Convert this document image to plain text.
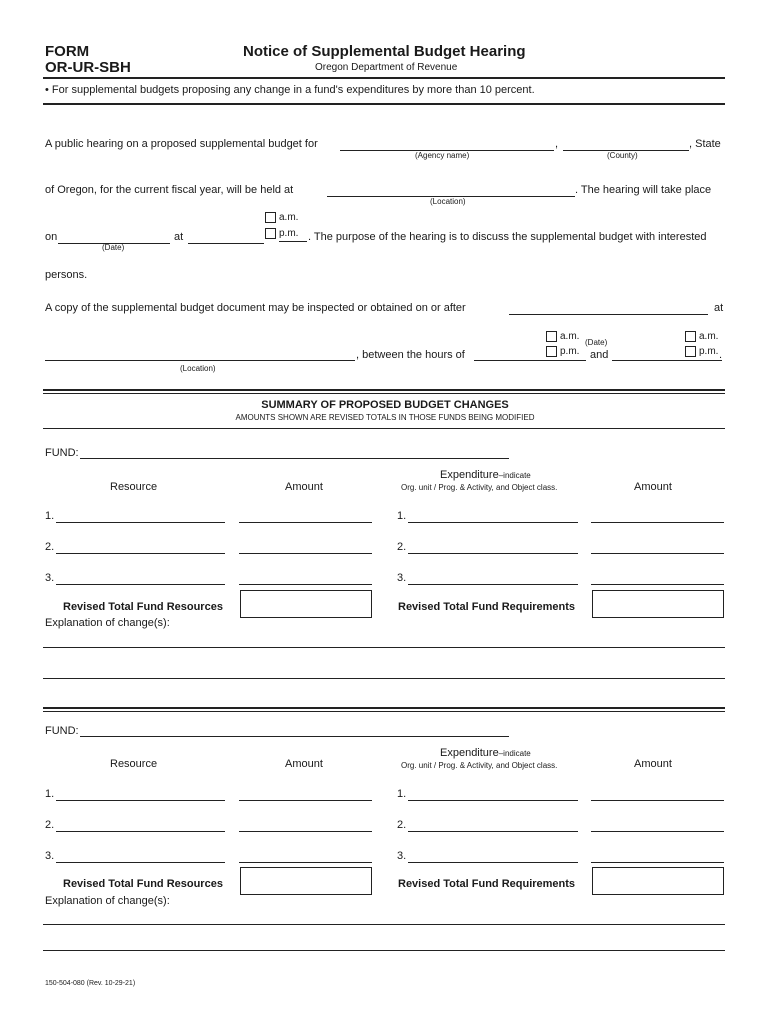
FORM
OR-UR-SBH
Notice of Supplemental Budget Hearing
Oregon Department of Revenue
• For supplemental budgets proposing any change in a fund's expenditures by more than 10 percent.
A public hearing on a proposed supplemental budget for	,	, State
(Agency name)	(County)
of Oregon, for the current fiscal year, will be held at	. The hearing will take place
(Location)
a.m.
p.m.
on
(Date)
at	. The purpose of the hearing is to discuss the supplemental budget with interested
persons.
A copy of the supplemental budget document may be inspected or obtained on or after	at
a.m.
(Date)
p.m.
a.m.
p.m.
, between the hours of	and	.
(Location)
SUMMARY OF PROPOSED BUDGET CHANGES
AMOUNTS SHOWN ARE REVISED TOTALS IN THOSE FUNDS BEING MODIFIED
FUND:
Resource	Amount
Expenditure–indicate
Org. unit / Prog. & Activity, and Object class.	Amount
1.	1.
2.	2.
3.	3.
Revised Total Fund Resources	Revised Total Fund Requirements
Explanation of change(s):
FUND:
Resource	Amount
Expenditure–indicate
Org. unit / Prog. & Activity, and Object class.	Amount
1.	1.
2.	2.
3.	3.
Revised Total Fund Resources	Revised Total Fund Requirements
Explanation of change(s):
150-504-080 (Rev. 10-29-21)
